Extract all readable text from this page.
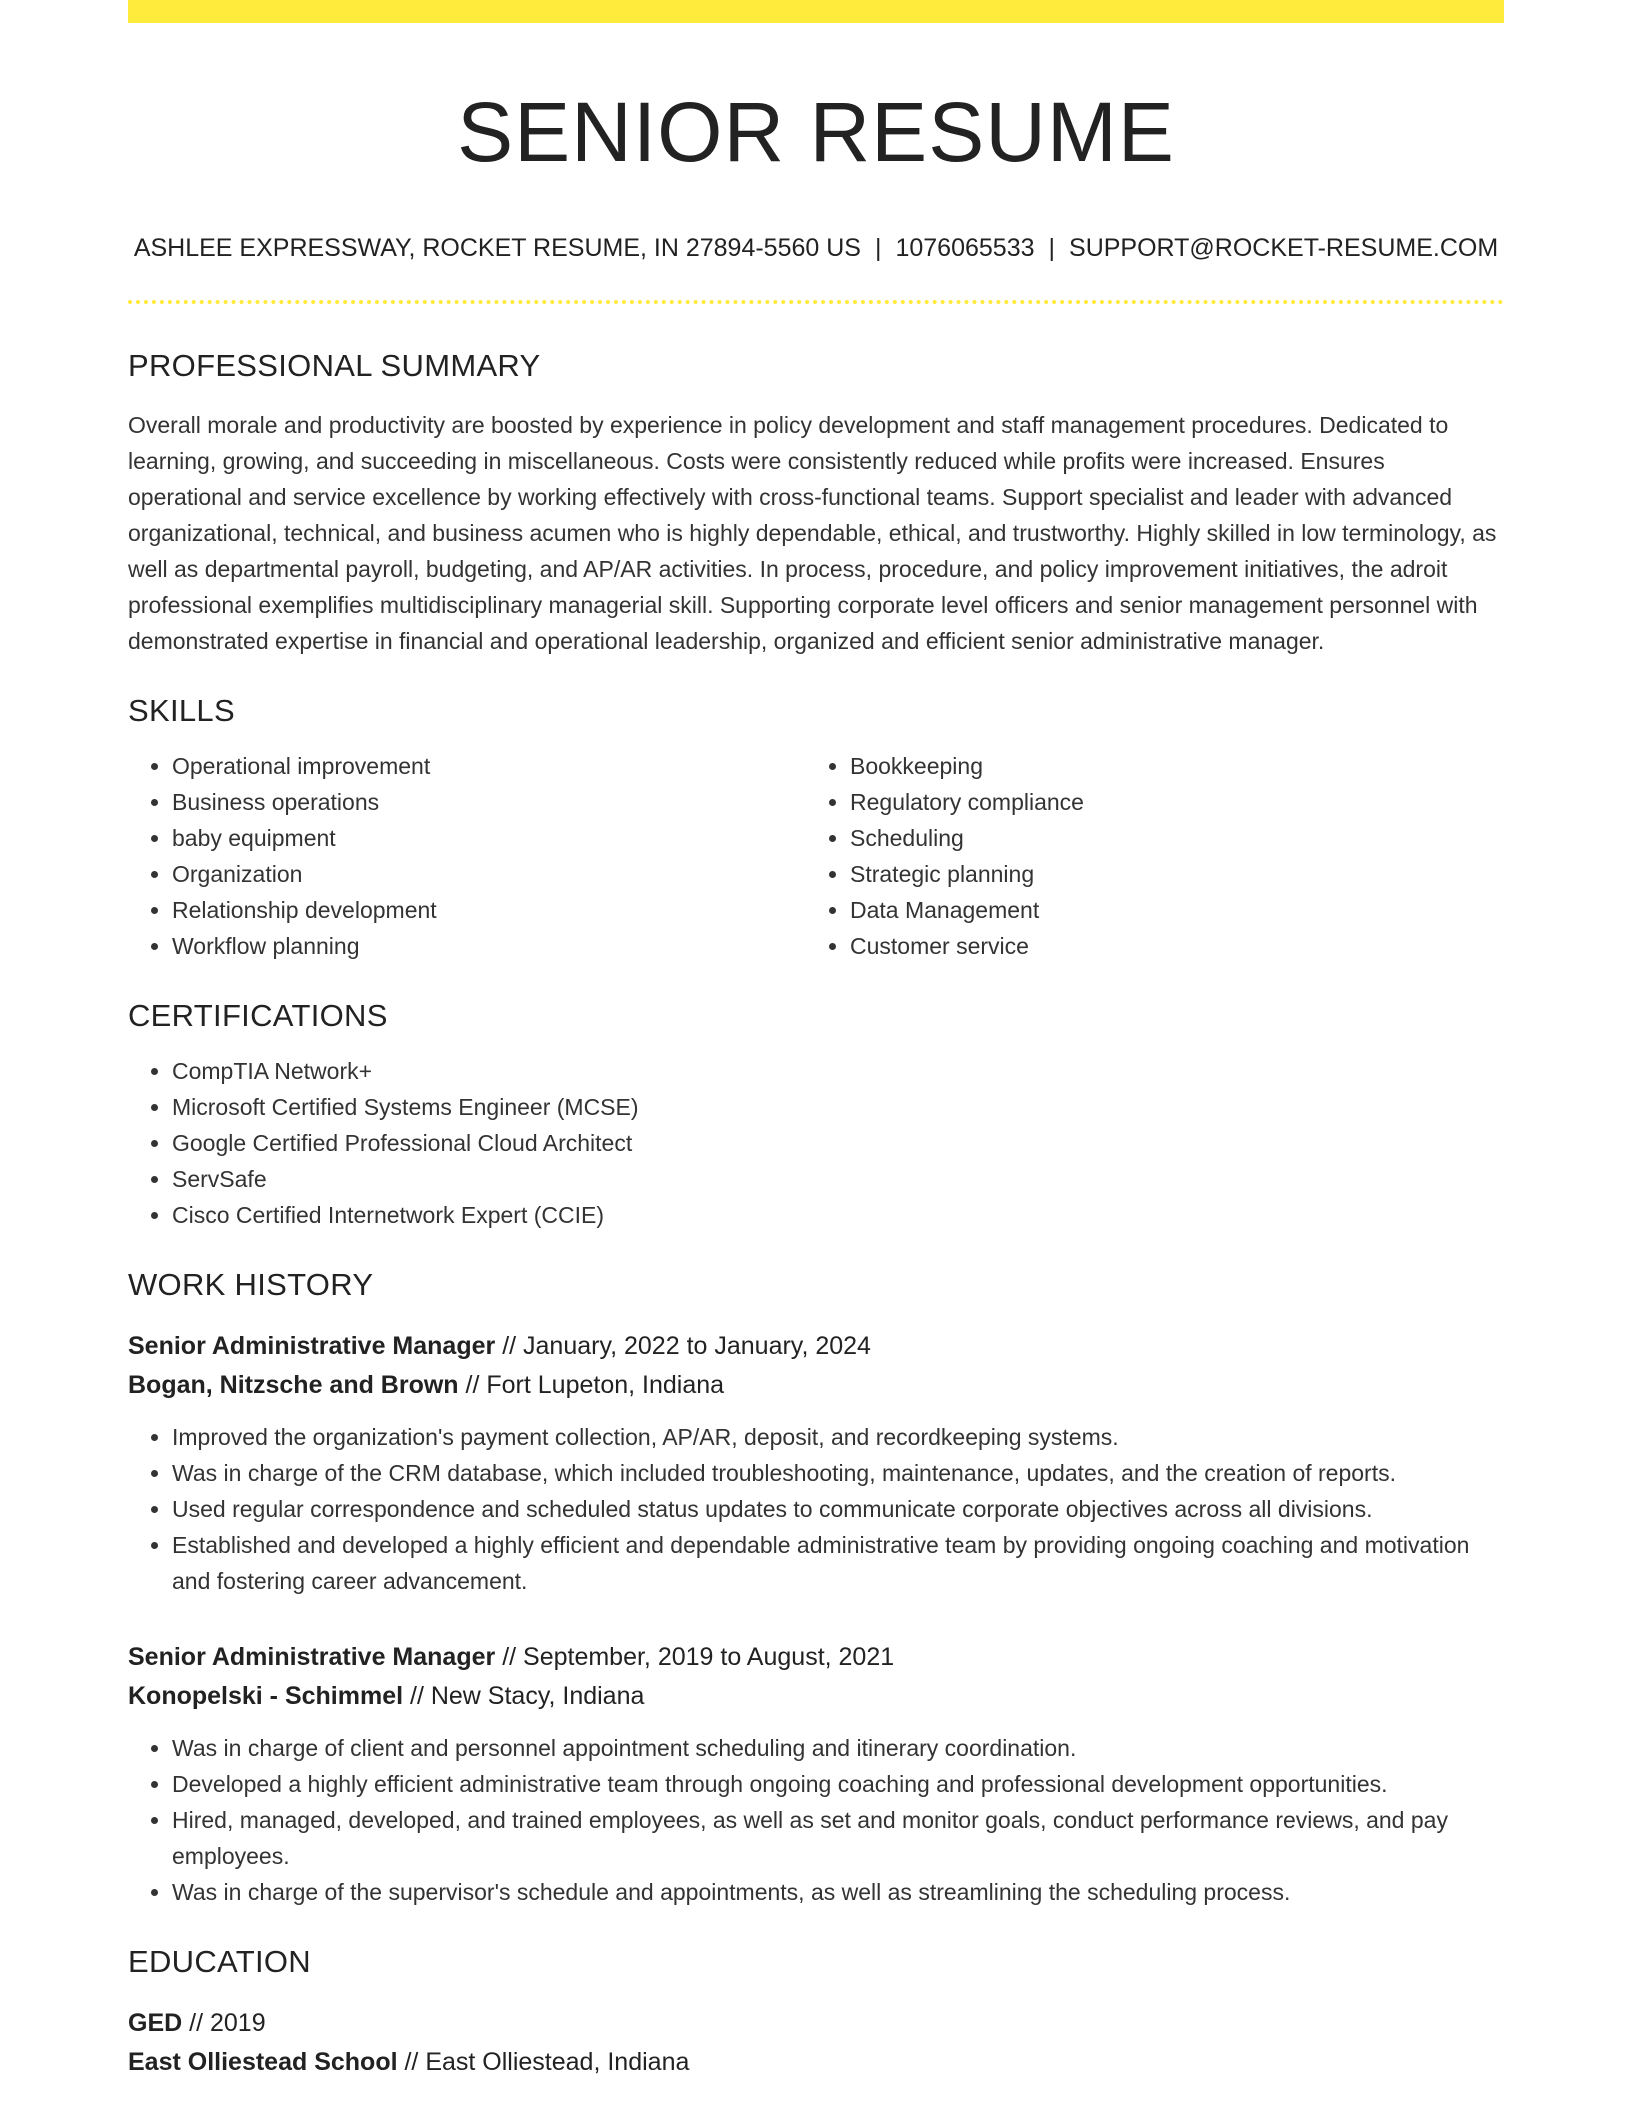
SENIOR RESUME
ASHLEE EXPRESSWAY, ROCKET RESUME, IN 27894-5560 US | 1076065533 | SUPPORT@ROCKET-RESUME.COM
PROFESSIONAL SUMMARY
Overall morale and productivity are boosted by experience in policy development and staff management procedures. Dedicated to learning, growing, and succeeding in miscellaneous. Costs were consistently reduced while profits were increased. Ensures operational and service excellence by working effectively with cross-functional teams. Support specialist and leader with advanced organizational, technical, and business acumen who is highly dependable, ethical, and trustworthy. Highly skilled in low terminology, as well as departmental payroll, budgeting, and AP/AR activities. In process, procedure, and policy improvement initiatives, the adroit professional exemplifies multidisciplinary managerial skill. Supporting corporate level officers and senior management personnel with demonstrated expertise in financial and operational leadership, organized and efficient senior administrative manager.
SKILLS
• Operational improvement
• Business operations
• baby equipment
• Organization
• Relationship development
• Workflow planning
• Bookkeeping
• Regulatory compliance
• Scheduling
• Strategic planning
• Data Management
• Customer service
CERTIFICATIONS
• CompTIA Network+
• Microsoft Certified Systems Engineer (MCSE)
• Google Certified Professional Cloud Architect
• ServSafe
• Cisco Certified Internetwork Expert (CCIE)
WORK HISTORY
Senior Administrative Manager // January, 2022 to January, 2024
Bogan, Nitzsche and Brown // Fort Lupeton, Indiana
• Improved the organization's payment collection, AP/AR, deposit, and recordkeeping systems.
• Was in charge of the CRM database, which included troubleshooting, maintenance, updates, and the creation of reports.
• Used regular correspondence and scheduled status updates to communicate corporate objectives across all divisions.
• Established and developed a highly efficient and dependable administrative team by providing ongoing coaching and motivation and fostering career advancement.
Senior Administrative Manager // September, 2019 to August, 2021
Konopelski - Schimmel // New Stacy, Indiana
• Was in charge of client and personnel appointment scheduling and itinerary coordination.
• Developed a highly efficient administrative team through ongoing coaching and professional development opportunities.
• Hired, managed, developed, and trained employees, as well as set and monitor goals, conduct performance reviews, and pay employees.
• Was in charge of the supervisor's schedule and appointments, as well as streamlining the scheduling process.
EDUCATION
GED // 2019
East Olliestead School // East Olliestead, Indiana
